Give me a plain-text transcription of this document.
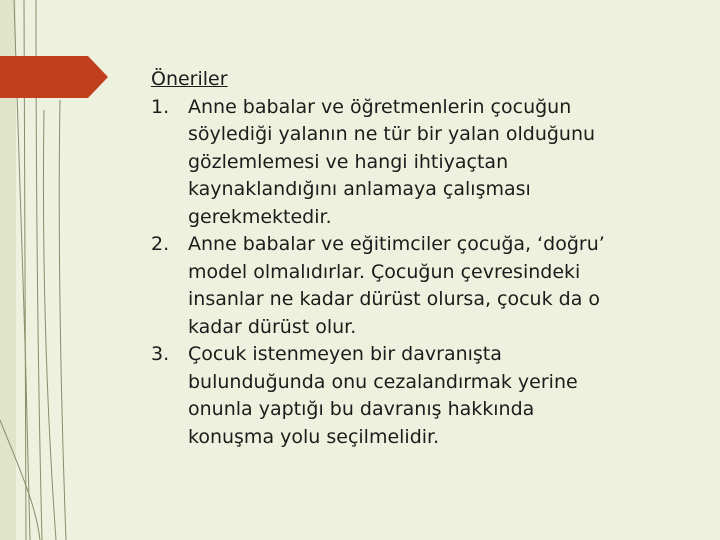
Öneriler
1. Anne babalar ve öğretmenlerin çocuğun söylediği yalanın ne tür bir yalan olduğunu gözlemlemesi ve hangi ihtiyaçtan kaynaklandığını anlamaya çalışması gerekmektedir.
2. Anne babalar ve eğitimciler çocuğa, ‘doğru’ model olmalıdırlar. Çocuğun çevresindeki insanlar ne kadar dürüst olursa, çocuk da o kadar dürüst olur.
3. Çocuk istenmeyen bir davranışta bulunduğunda onu cezalandırmak yerine onunla yaptığı bu davranış hakkında konuşma yolu seçilmelidir.
